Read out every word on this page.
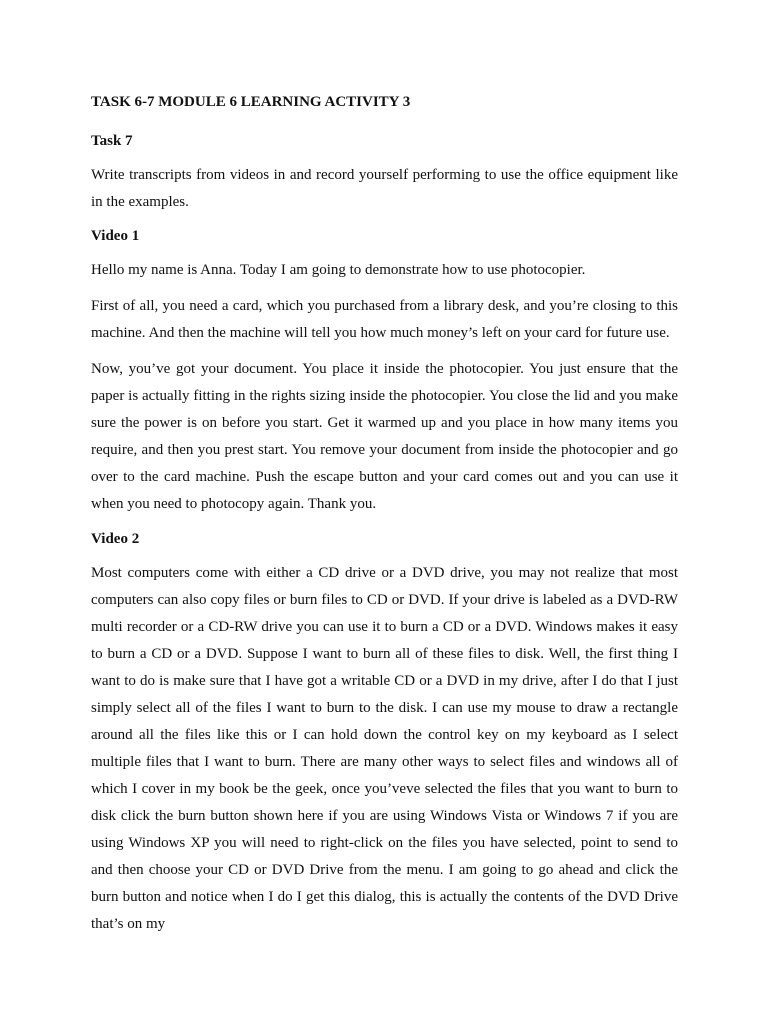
TASK 6-7 MODULE 6 LEARNING ACTIVITY 3

Task 7

Write transcripts from videos in and record yourself performing to use the office equipment like in the examples.

Video 1

Hello my name is Anna. Today I am going to demonstrate how to use photocopier.

First of all, you need a card, which you purchased from a library desk, and you’re closing to this machine. And then the machine will tell you how much money’s left on your card for future use.

Now, you’ve got your document. You place it inside the photocopier. You just ensure that the paper is actually fitting in the rights sizing inside the photocopier. You close the lid and you make sure the power is on before you start. Get it warmed up and you place in how many items you require, and then you prest start. You remove your document from inside the photocopier and go over to the card machine. Push the escape button and your card comes out and you can use it when you need to photocopy again. Thank you.

Video 2

Most computers come with either a CD drive or a DVD drive, you may not realize that most computers can also copy files or burn files to CD or DVD. If your drive is labeled as a DVD-RW multi recorder or a CD-RW drive you can use it to burn a CD or a DVD. Windows makes it easy to burn a CD or a DVD. Suppose I want to burn all of these files to disk. Well, the first thing I want to do is make sure that I have got a writable CD or a DVD in my drive, after I do that I just simply select all of the files I want to burn to the disk. I can use my mouse to draw a rectangle around all the files like this or I can hold down the control key on my keyboard as I select multiple files that I want to burn. There are many other ways to select files and windows all of which I cover in my book be the geek, once you’veve selected the files that you want to burn to disk click the burn button shown here if you are using Windows Vista or Windows 7 if you are using Windows XP you will need to right-click on the files you have selected, point to send to and then choose your CD or DVD Drive from the menu. I am going to go ahead and click the burn button and notice when I do I get this dialog, this is actually the contents of the DVD Drive that’s on my
